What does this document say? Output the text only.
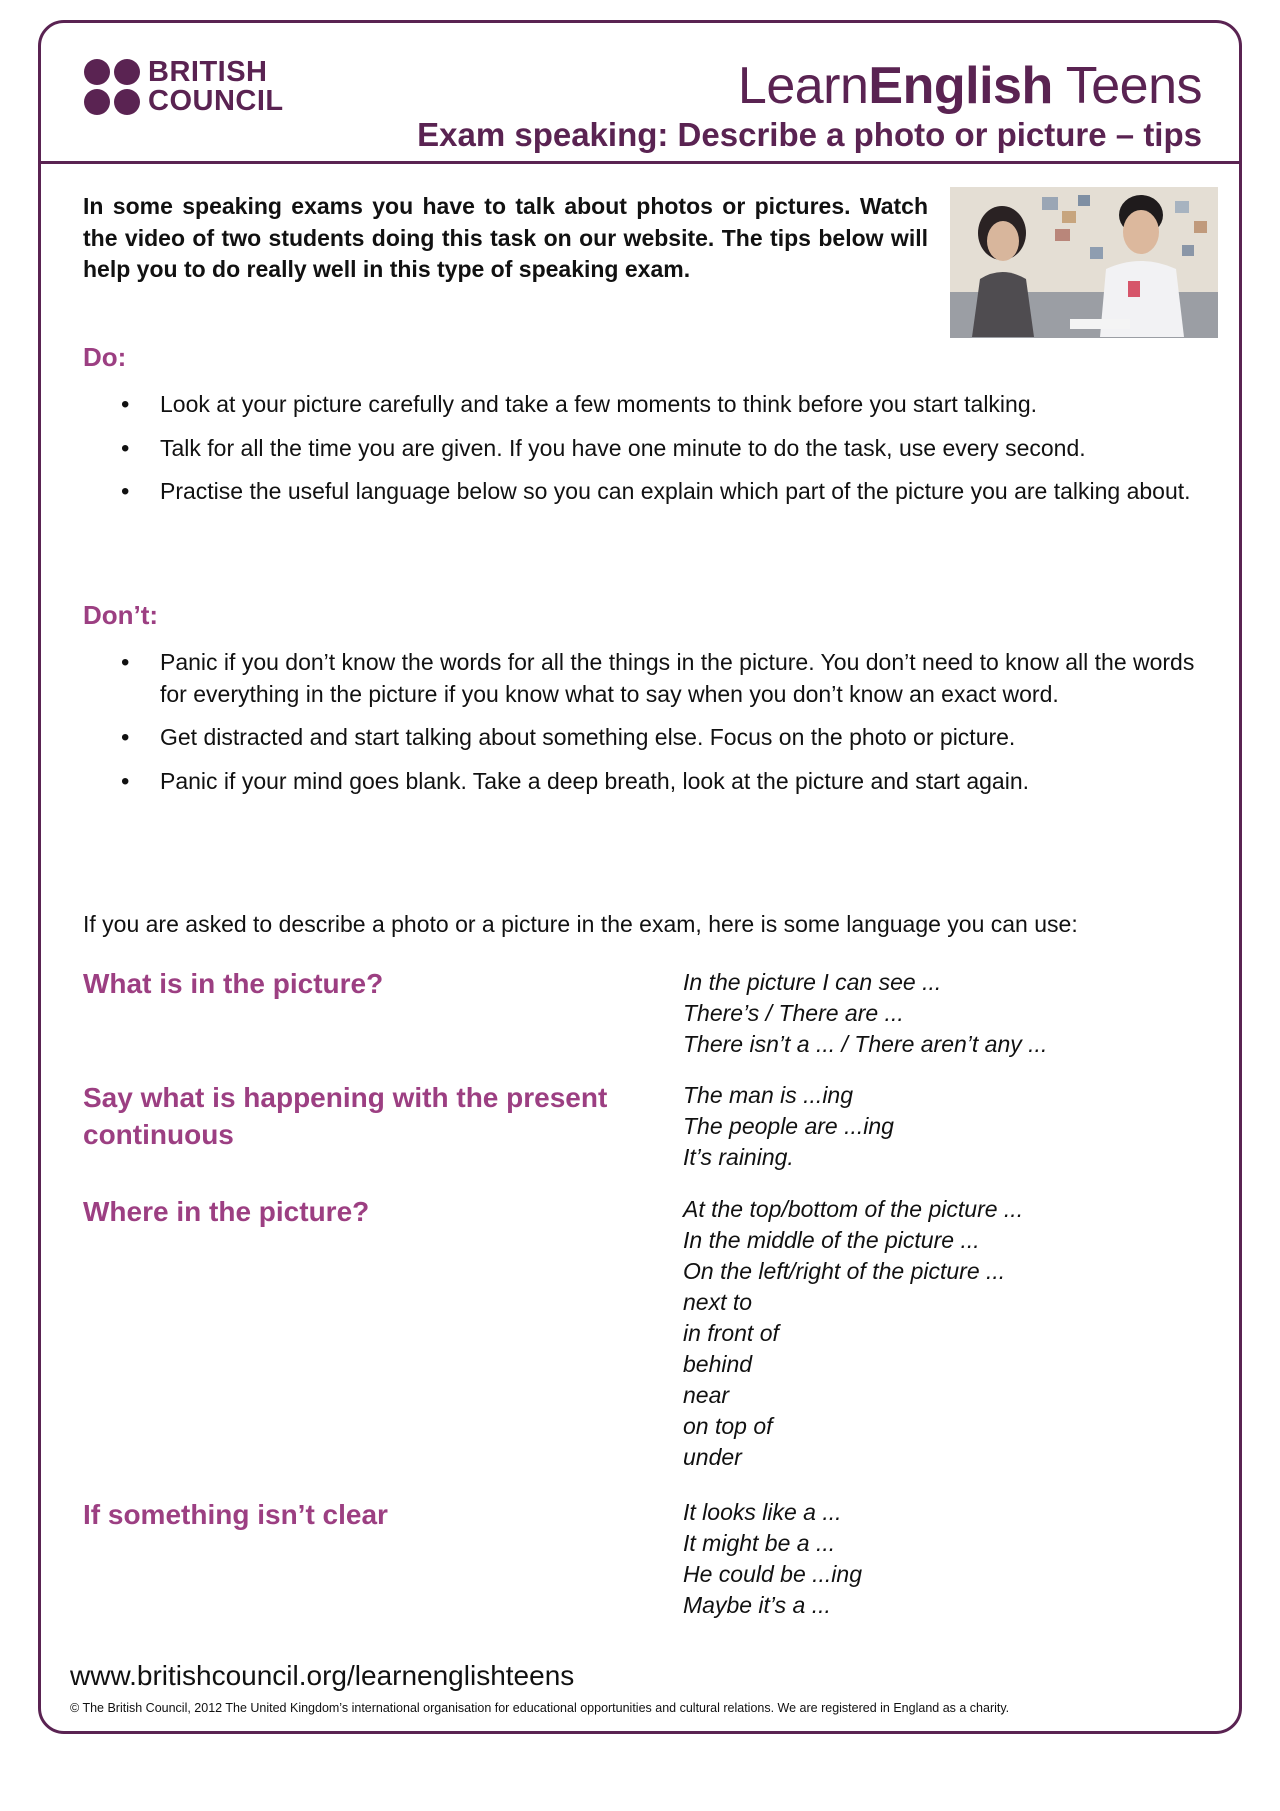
BRITISH
COUNCIL	LearnEnglish Teens
Exam speaking: Describe a photo or picture – tips
In some speaking exams you have to talk about photos or pictures. Watch the video of two students doing this task on our website. The tips below will help you to do really well in this type of speaking exam.
Do:
• Look at your picture carefully and take a few moments to think before you start talking.
• Talk for all the time you are given. If you have one minute to do the task, use every second.
• Practise the useful language below so you can explain which part of the picture you are talking about.
Don’t:
• Panic if you don’t know the words for all the things in the picture. You don’t need to know all the words for everything in the picture if you know what to say when you don’t know an exact word.
• Get distracted and start talking about something else. Focus on the photo or picture.
• Panic if your mind goes blank. Take a deep breath, look at the picture and start again.
If you are asked to describe a photo or a picture in the exam, here is some language you can use:
What is in the picture?	In the picture I can see ...
There’s / There are ...
There isn’t a ... / There aren’t any ...
Say what is happening with the present continuous
The man is ...ing
The people are ...ing
It’s raining.
Where in the picture?	At the top/bottom of the picture ...
In the middle of the picture ...
On the left/right of the picture ...
next to
in front of
behind
near
on top of
under
If something isn’t clear	It looks like a ...
It might be a ...
He could be ...ing
Maybe it’s a ...
www.britishcouncil.org/learnenglishteens
© The British Council, 2012 The United Kingdom’s international organisation for educational opportunities and cultural relations. We are registered in England as a charity.
